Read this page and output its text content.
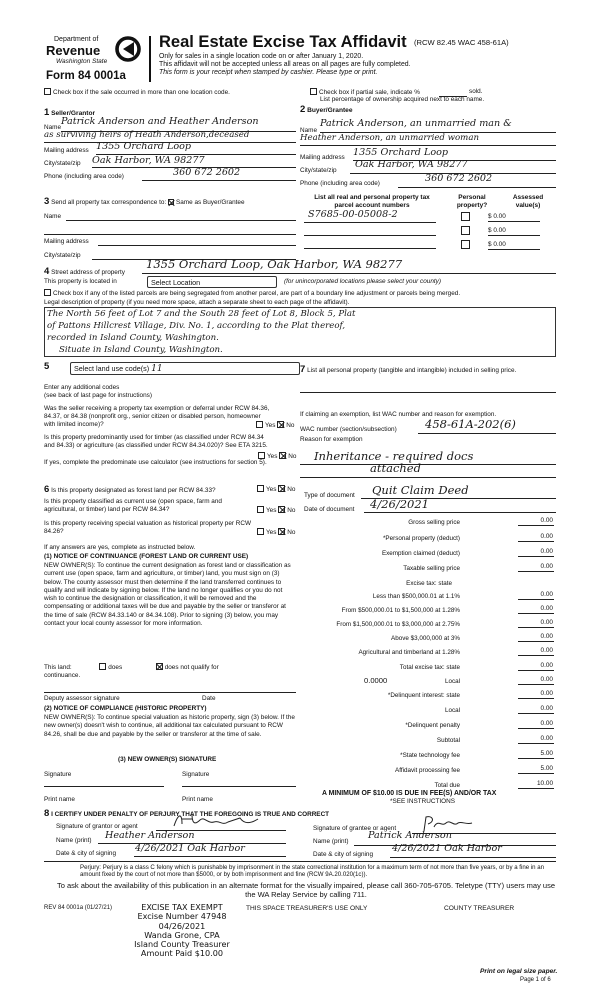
Department of
Revenue
Washington State
Form 84 0001a
Real Estate Excise Tax Affidavit (RCW 82.45 WAC 458-61A)
Only for sales in a single location code on or after January 1, 2020.
This affidavit will not be accepted unless all areas on all pages are fully completed.
This form is your receipt when stamped by cashier. Please type or print.
Check box if the sale occurred in more than one location code.	Check box if partial sale, indicate %	sold.
List percentage of ownership acquired next to each name.
1 Seller/Grantor
Name
Patrick Anderson and Heather Anderson
as surviving heirs of Heath Anderson,deceased
Mailing address 1355 Orchard Loop
City/state/zip Oak Harbor, WA 98277
Phone (including area code)	360 672 2602
2 Buyer/Grantee
Name
Patrick Anderson, an unmarried man &
Heather Anderson, an unmarried woman
Mailing address 1355 Orchard Loop
City/state/zip
Oak Harbor, WA 98277
Phone (including area code)	360 672 2602
3 Send all property tax correspondence to: Same as Buyer/Grantee
Name
Mailing address
City/state/zip
List all real and personal property tax parcel account numbers
Personal property?
Assessed value(s)
S7685-00-05008-2	$ 0.00
$ 0.00
$ 0.00
4 Street address of property
1355 Orchard Loop, Oak Harbor, WA 98277
This property is located in	Select Location	(for unincorporated locations please select your county)
Check box if any of the listed parcels are being segregated from another parcel, are part of a boundary line adjustment or parcels being merged.
Legal description of property (if you need more space, attach a separate sheet to each page of the affidavit).
The North 56 feet of Lot 7 and the South 28 feet of Lot 8, Block 5, Plat
of Pattons Hillcrest Village, Div. No. 1, according to the Plat thereof,
recorded in Island County, Washington.
Situate in Island County, Washington.
5	Select land use code(s) 11
Enter any additional codes
(see back of last page for instructions)
Was the seller receiving a property tax exemption or deferral under RCW 84.36, 84.37, or 84.38 (nonprofit org., senior citizen or disabled person, homeowner with limited income)?	Yes No
Is this property predominantly used for timber (as classified under RCW 84.34 and 84.33) or agriculture (as classified under RCW 84.34.020)? See ETA 3215.
Yes No
If yes, complete the predominate use calculator (see instructions for section 5).
6 Is this property designated as forest land per RCW 84.33?	Yes No
Is this property classified as current use (open space, farm and agricultural, or timber) land per RCW 84.34?	Yes No
Is this property receiving special valuation as historical property per RCW 84.26?	Yes No
If any answers are yes, complete as instructed below.
(1) NOTICE OF CONTINUANCE (FOREST LAND OR CURRENT USE)
NEW OWNER(S): To continue the current designation as forest land or classification as current use (open space, farm and agriculture, or timber) land, you must sign on (3) below. The county assessor must then determine if the land transferred continues to qualify and will indicate by signing below. If the land no longer qualifies or you do not wish to continue the designation or classification, it will be removed and the compensating or additional taxes will be due and payable by the seller or transferor at the time of sale (RCW 84.33.140 or 84.34.108). Prior to signing (3) below, you may contact your local county assessor for more information.
This land:	does	does not qualify for
continuance.
Deputy assessor signature	Date
(2) NOTICE OF COMPLIANCE (HISTORIC PROPERTY)
NEW OWNER(S): To continue special valuation as historic property, sign (3) below. If the new owner(s) doesn't wish to continue, all additional tax calculated pursuant to RCW 84.26, shall be due and payable by the seller or transferor at the time of sale.
(3) NEW OWNER(S) SIGNATURE
Signature	Signature
Print name	Print name
7 List all personal property (tangible and intangible) included in selling price.
If claiming an exemption, list WAC number and reason for exemption.
WAC number (section/subsection) 458-61A-202(6)
Reason for exemption
Inheritance - required docs
attached
Type of document Quit Claim Deed
Date of document 4/26/2021
Gross selling price	0.00
*Personal property (deduct)	0.00
Exemption claimed (deduct)	0.00
Taxable selling price	0.00
Excise tax: state
Less than $500,000.01 at 1.1%	0.00
From $500,000.01 to $1,500,000 at 1.28%	0.00
From $1,500,000.01 to $3,000,000 at 2.75%	0.00
Above $3,000,000 at 3%	0.00
Agricultural and timberland at 1.28%	0.00
Total excise tax: state	0.00
0.0000	Local	0.00
*Delinquent interest: state	0.00
Local	0.00
*Delinquent penalty	0.00
Subtotal	0.00
*State technology fee	5.00
Affidavit processing fee	5.00
Total due	10.00
A MINIMUM OF $10.00 IS DUE IN FEE(S) AND/OR TAX
*SEE INSTRUCTIONS
8 I CERTIFY UNDER PENALTY OF PERJURY THAT THE FOREGOING IS TRUE AND CORRECT
Signature of grantor or agent
Name (print) Heather Anderson
Date & city of signing 4/26/2021 Oak Harbor
Signature of grantee or agent
Name (print)
Patrick Anderson
Date & city of signing
4/26/2021 Oak Harbor
Perjury: Perjury is a class C felony which is punishable by imprisonment in the state correctional institution for a maximum term of not more than five years, or by a fine in an amount fixed by the court of not more than $5000, or by both imprisonment and fine (RCW 9A.20.020(1c)).
To ask about the availability of this publication in an alternate format for the visually impaired, please call 360-705-6705. Teletype (TTY) users may use the WA Relay Service by calling 711.
REV 84 0001a (01/27/21)	EXCISE TAX EXEMPT
Excise Number 47948
04/26/2021
Wanda Grone, CPA
Island County Treasurer
Amount Paid $10.00
THIS SPACE TREASURER'S USE ONLY	COUNTY TREASURER
Print on legal size paper.
Page 1 of 6
